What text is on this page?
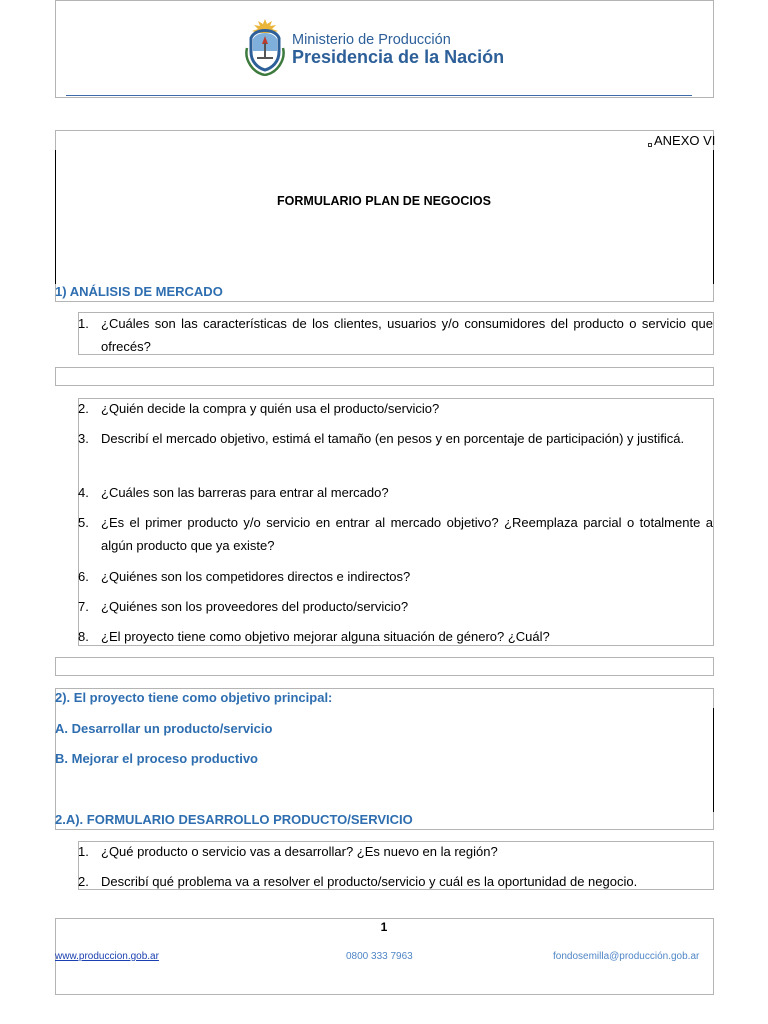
Ministerio de Producción
Presidencia de la Nación
ANEXO VI
FORMULARIO PLAN DE NEGOCIOS
1) ANÁLISIS DE MERCADO
1. ¿Cuáles son las características de los clientes, usuarios y/o consumidores del producto o servicio que ofrecés?
2. ¿Quién decide la compra y quién usa el producto/servicio?
3. Describí el mercado objetivo, estimá el tamaño (en pesos y en porcentaje de participación) y justificá.
4. ¿Cuáles son las barreras para entrar al mercado?
5. ¿Es el primer producto y/o servicio en entrar al mercado objetivo? ¿Reemplaza parcial o totalmente a algún producto que ya existe?
6. ¿Quiénes son los competidores directos e indirectos?
7. ¿Quiénes son los proveedores del producto/servicio?
8. ¿El proyecto tiene como objetivo mejorar alguna situación de género? ¿Cuál?
2). El proyecto tiene como objetivo principal:
A. Desarrollar un producto/servicio
B. Mejorar el proceso productivo
2.A). FORMULARIO DESARROLLO PRODUCTO/SERVICIO
1. ¿Qué producto o servicio vas a desarrollar? ¿Es nuevo en la región?
2. Describí qué problema va a resolver el producto/servicio y cuál es la oportunidad de negocio.
1
www.produccion.gob.ar	0800 333 7963	fondosemilla@producción.gob.ar
